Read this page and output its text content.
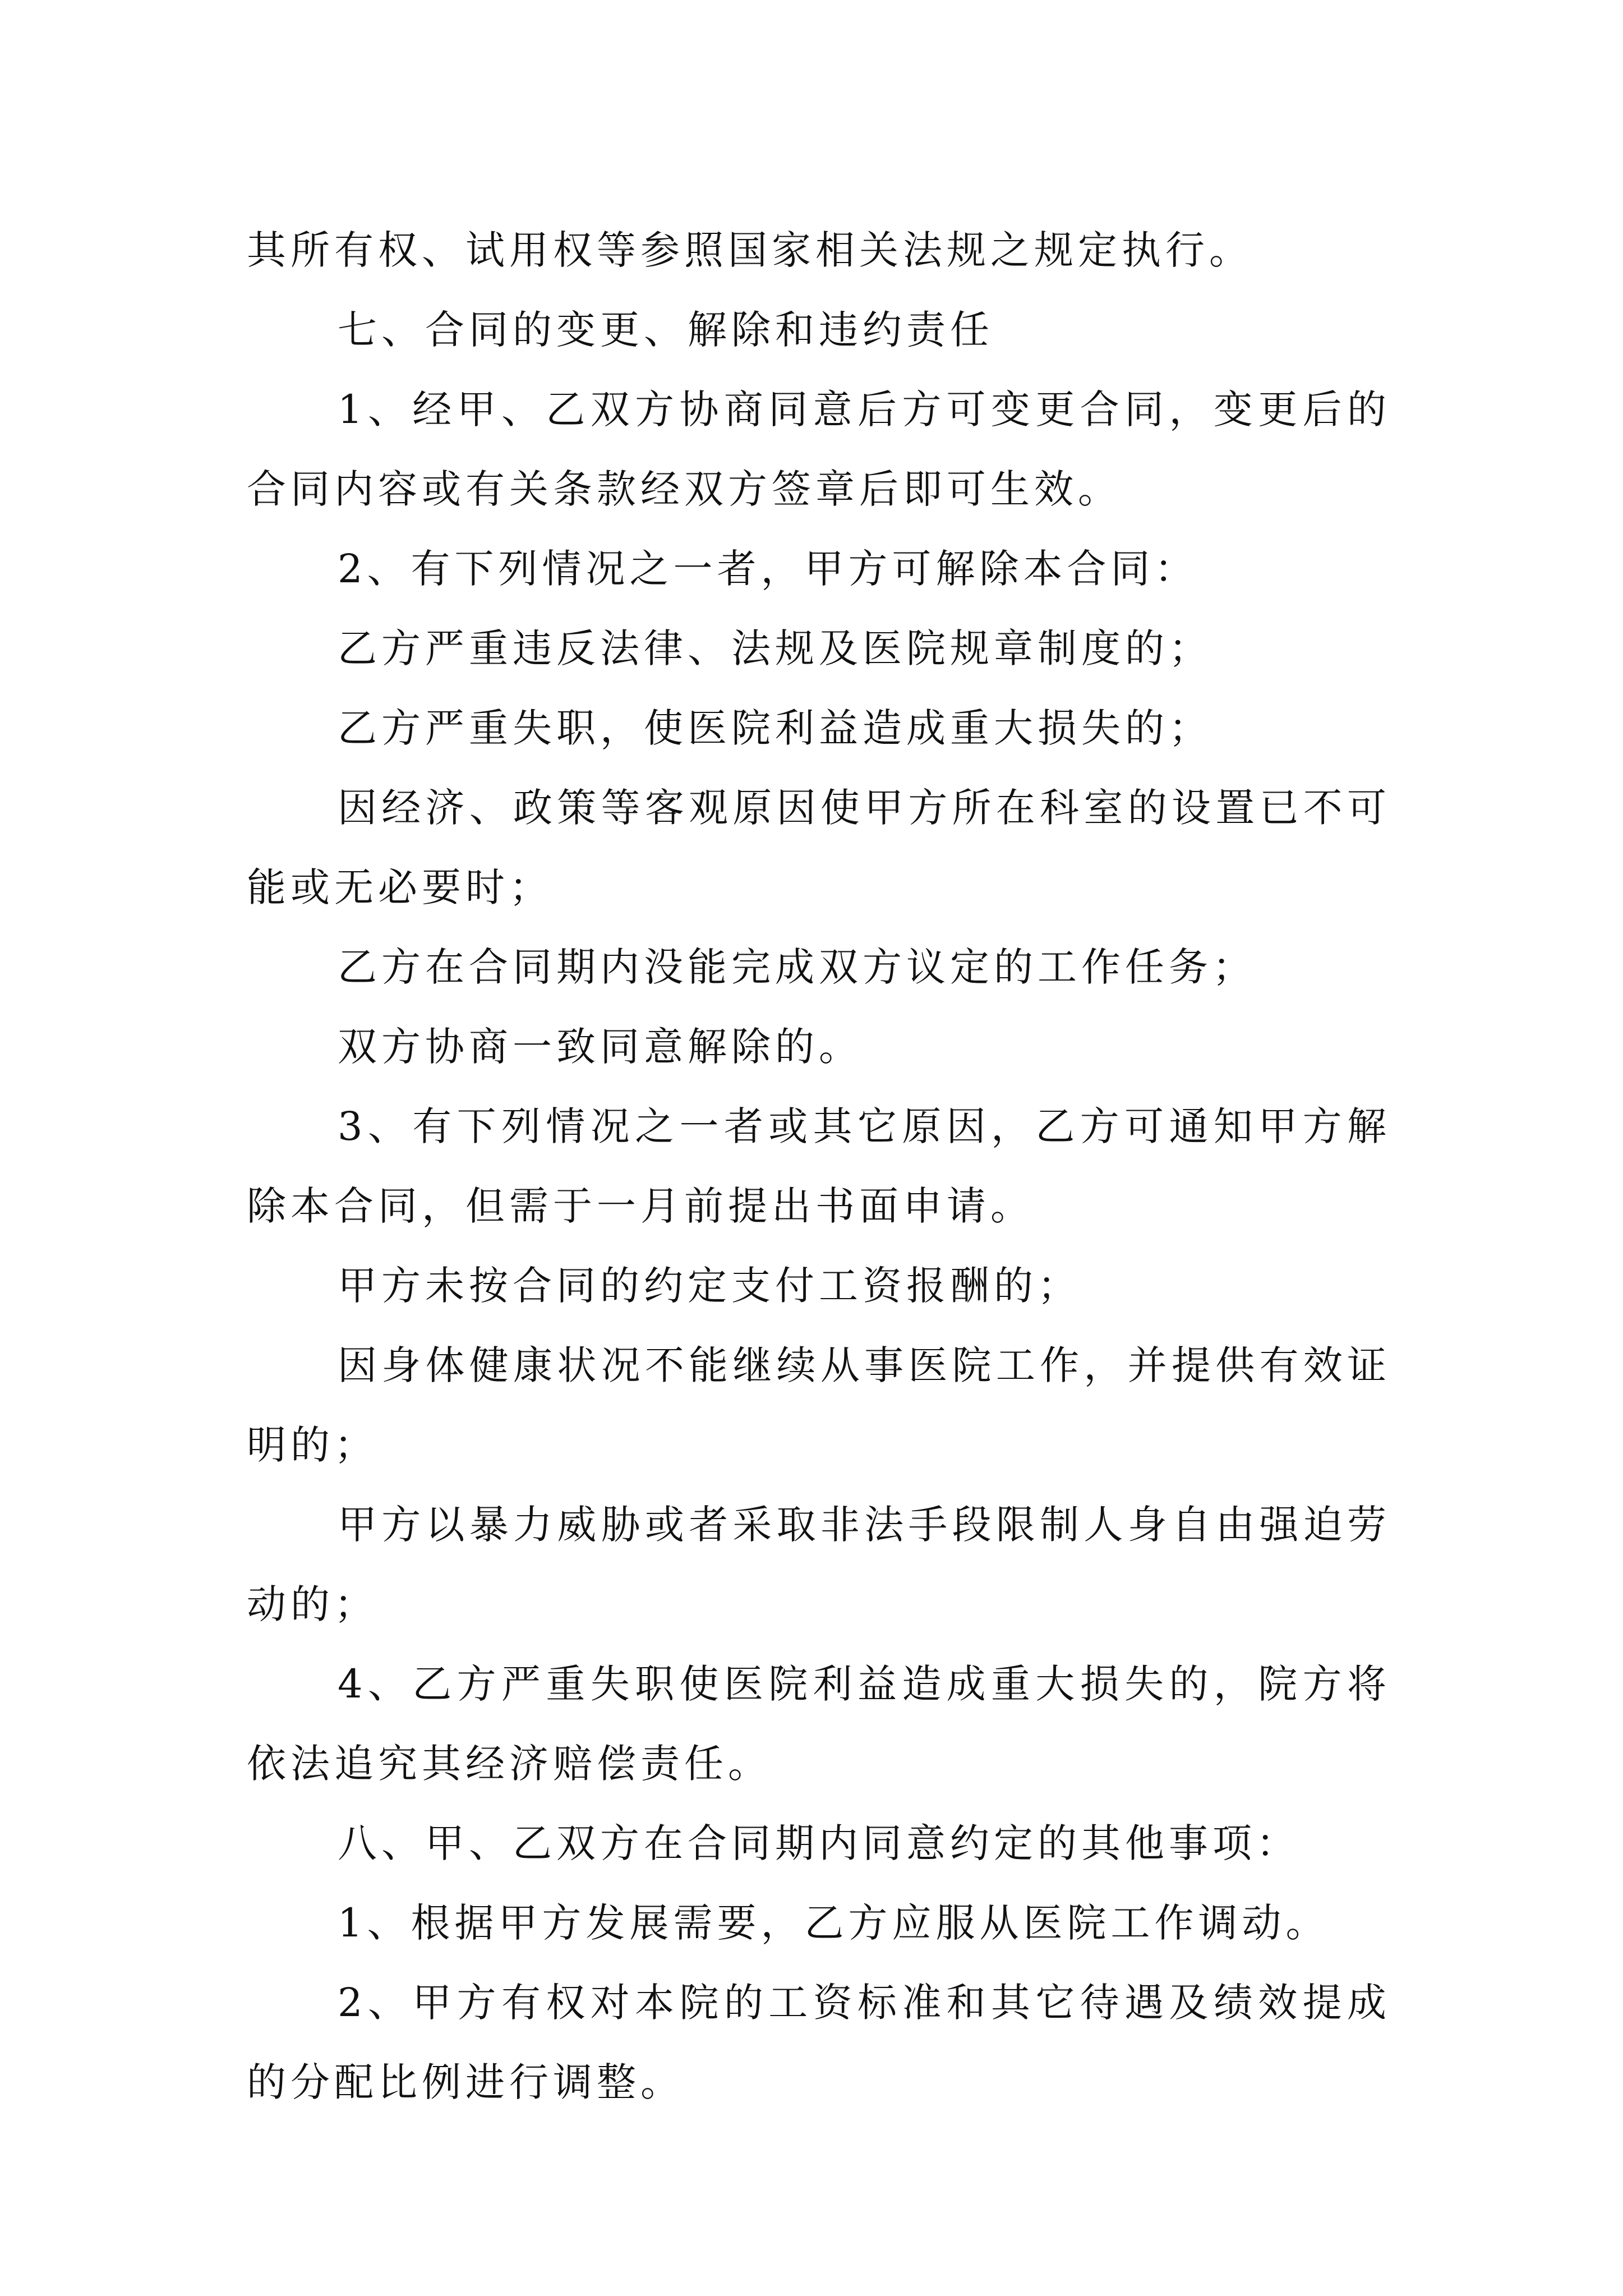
其所有权、试用权等参照国家相关法规之规定执行。

七、合同的变更、解除和违约责任

1、经甲、乙双方协商同意后方可变更合同，变更后的合同内容或有关条款经双方签章后即可生效。

2、有下列情况之一者，甲方可解除本合同：

乙方严重违反法律、法规及医院规章制度的；

乙方严重失职，使医院利益造成重大损失的；

因经济、政策等客观原因使甲方所在科室的设置已不可能或无必要时；

乙方在合同期内没能完成双方议定的工作任务；

双方协商一致同意解除的。

3、有下列情况之一者或其它原因，乙方可通知甲方解除本合同，但需于一月前提出书面申请。

甲方未按合同的约定支付工资报酬的；

因身体健康状况不能继续从事医院工作，并提供有效证明的；

甲方以暴力威胁或者采取非法手段限制人身自由强迫劳动的；

4、乙方严重失职使医院利益造成重大损失的，院方将依法追究其经济赔偿责任。

八、甲、乙双方在合同期内同意约定的其他事项：

1、根据甲方发展需要，乙方应服从医院工作调动。

2、甲方有权对本院的工资标准和其它待遇及绩效提成的分配比例进行调整。
